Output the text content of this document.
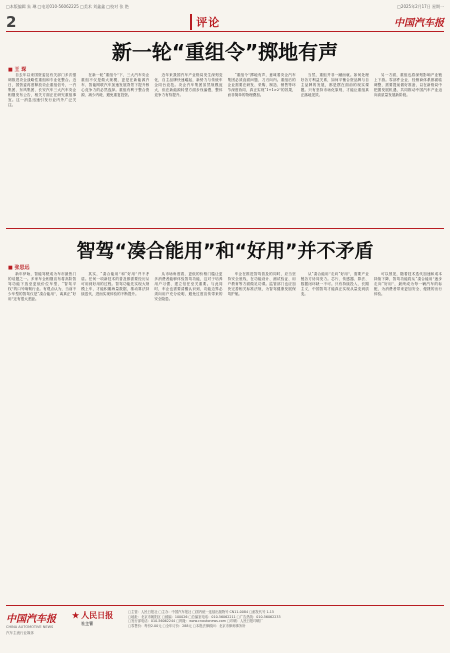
□本版编辑 朱 琳 □电话010-56062225 □美术 刘鑫鑫 □校对 张 艳	□2025年2月17日 星期一
2	评论	中国汽车报
新一轮“重组令”掷地有声
■ 王 琛

自去年以来国资委及有关部门多次强调推进央企战略性重组和专业化整合。近日，国资委再度释放央企重组信号，一汽集团、东风集团、长安汽车三大汽车央企相继发布公告，相关方面正在研究重组事宜。这一消息迅速引发行业内外广泛关注。

在新一轮“重组令”下，三大汽车央企重组不仅是做大规模，更是在新能源汽车、智能网联汽车加速发展背景下提升核心竞争力的必然选择。重组有利于整合资源、减少内耗、避免重复投资。

近年来我国汽车产业格局发生深刻变化，自主品牌快速崛起，新势力与传统车企同台竞技。央企汽车集团虽然规模庞大，但在新能源转型方面步伐偏慢，整体竞争力有待提升。

“重组令”掷地有声，意味着央企汽车集团必须直面问题、刀刃向内。重组后的企业需要在研发、采购、制造、销售等环节深度协同，真正实现“1+1>2”的效果，而非简单的物理叠加。

当然，重组并非一蹴而就。如何处理好各方利益关系，如何平衡合资品牌与自主品牌的发展，都是摆在面前的现实课题。只有坚持市场化原则，才能让重组真正落地见效。

另一方面，重组也将深刻影响产业链上下游。零部件企业、经销商体系都面临调整，需要提前做好准备，以在新格局中把握发展机遇，共同推动中国汽车产业迈向高质量发展新阶段。

智驾“凑合能用”和“好用”并不矛盾
■ 张思远

新年伊始，智能驾驶成为车市最热门的话题之一。多家车企相继宣布将高阶智驾功能下放至更低价位车型，“智驾平权”的口号响彻行业。有观点认为，当前不少车型的智驾仅是“凑合能用”，离真正“好用”还有很大差距。

其实，“凑合能用”和“好用”并不矛盾。任何一项新技术的普及都需要经历从可用到好用的过程。智驾功能先实现大规模上车，才能积累海量数据，推动算法持续迭代，进而实现体验的不断提升。

从市场角度看，更低的价格门槛让更多消费者能够体验智驾功能，这对于培养用户习惯、建立信任至关重要。与此同时，车企也需要清醒认识到，功能边界必须向用户充分说明，避免过度宣传带来的安全隐患。

车企在推进智驾普及的同时，应当坚持安全底线，在功能设计、测试验证、用户教育等方面做足功课。监管部门也应加快完善相关标准法规，为智驾健康发展保驾护航。

从“凑合能用”走向“好用”，需要产业链各方协同发力。芯片、传感器、算法、数据闭环缺一不可。只有持续投入、长期主义，中国智驾才能真正实现从量变到质变。

可以预见，随着技术迭代加速和成本持续下降，智驾功能将从“凑合能用”逐步走向“好用”，最终成为每一辆汽车的标配，为消费者带来更加安全、便捷的出行体验。

中国汽车报
CHINA AUTOMOTIVE NEWS
汽车主流行业媒体
★ 人民日报
社主管
□主管：人民日报社 □主办：中国汽车报社 □国内统一连续出版物号 CN11-0084 □邮发代号 1-15
□地址：北京市朝阳区 □邮编：100026 □总编室电话：010-56062211 □广告热线：010-56062233
□发行部电话：010-56062244 □网址：www.cnautonews.com □印刷：人民日报印刷厂
□零售价：每份2.00元 □全年订价：288元 □本报法律顾问：北京市律师事务所
